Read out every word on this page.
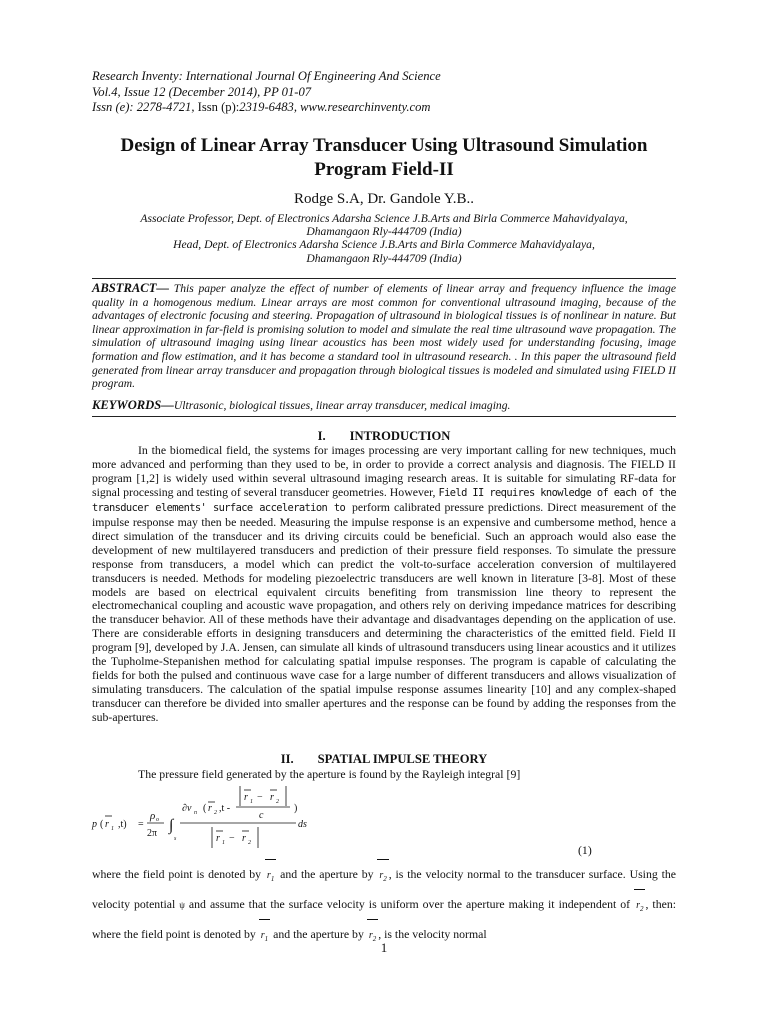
Research Inventy: International Journal Of Engineering And Science
Vol.4, Issue 12 (December 2014), PP 01-07
Issn (e): 2278-4721, Issn (p):2319-6483, www.researchinventy.com
Design of Linear Array Transducer Using Ultrasound Simulation
Program Field-II
Rodge S.A, Dr. Gandole Y.B..
Associate Professor, Dept. of Electronics Adarsha Science J.B.Arts and Birla Commerce Mahavidyalaya,
Dhamangaon Rly-444709 (India)
Head, Dept. of Electronics Adarsha Science J.B.Arts and Birla Commerce Mahavidyalaya,
Dhamangaon Rly-444709 (India)
ABSTRACT— This paper analyze the effect of number of elements of linear array and frequency influence the image quality in a homogenous medium. Linear arrays are most common for conventional ultrasound imaging, because of the advantages of electronic focusing and steering. Propagation of ultrasound in biological tissues is of nonlinear in nature. But linear approximation in far-field is promising solution to model and simulate the real time ultrasound wave propagation. The simulation of ultrasound imaging using linear acoustics has been most widely used for understanding focusing, image formation and flow estimation, and it has become a standard tool in ultrasound research. . In this paper the ultrasound field generated from linear array transducer and propagation through biological tissues is modeled and simulated using FIELD II program.
KEYWORDS—Ultrasonic, biological tissues, linear array transducer, medical imaging.
I. INTRODUCTION
In the biomedical field, the systems for images processing are very important calling for new techniques, much more advanced and performing than they used to be, in order to provide a correct analysis and diagnosis. The FIELD II program [1,2] is widely used within several ultrasound imaging research areas. It is suitable for simulating RF-data for signal processing and testing of several transducer geometries. However, Field II requires knowledge of each of the transducer elements' surface acceleration to perform calibrated pressure predictions. Direct measurement of the impulse response may then be needed. Measuring the impulse response is an expensive and cumbersome method, hence a direct simulation of the transducer and its driving circuits could be beneficial. Such an approach would also ease the development of new multilayered transducers and prediction of their pressure field responses. To simulate the pressure response from transducers, a model which can predict the volt-to-surface acceleration conversion of multilayered transducers is needed. Methods for modeling piezoelectric transducers are well known in literature [3-8]. Most of these models are based on electrical equivalent circuits benefiting from transmission line theory to represent the electromechanical coupling and acoustic wave propagation, and others rely on deriving impedance matrices for describing the transducer behavior. All of these methods have their advantage and disadvantages depending on the application of use. There are considerable efforts in designing transducers and determining the characteristics of the emitted field. Field II program [9], developed by J.A. Jensen, can simulate all kinds of ultrasound transducers using linear acoustics and it utilizes the Tupholme-Stepanishen method for calculating spatial impulse responses. The program is capable of calculating the fields for both the pulsed and continuous wave case for a large number of different transducers and allows visualization of simulating transducers. The calculation of the spatial impulse response assumes linearity [10] and any complex-shaped transducer can therefore be divided into smaller apertures and the response can be found by adding the responses from the sub-apertures.
II. SPATIAL IMPULSE THEORY
The pressure field generated by the aperture is found by the Rayleigh integral [9]
p ( r 1 ,t) =
ρ o
2π ∫
s
∂v n ( r 2 ,t -
r 1 − r 2
c
)
r 1 − r 2
ds
(1)
where the field point is denoted by $r_1$ and the aperture by $r_2$ , is the velocity normal to the transducer surface. Using the velocity potential ψ and assume that the surface velocity is uniform over the aperture making it independent of $r_2$ , then: where the field point is denoted by $r_1$ and the aperture by $r_2$ , is the velocity normal
1
